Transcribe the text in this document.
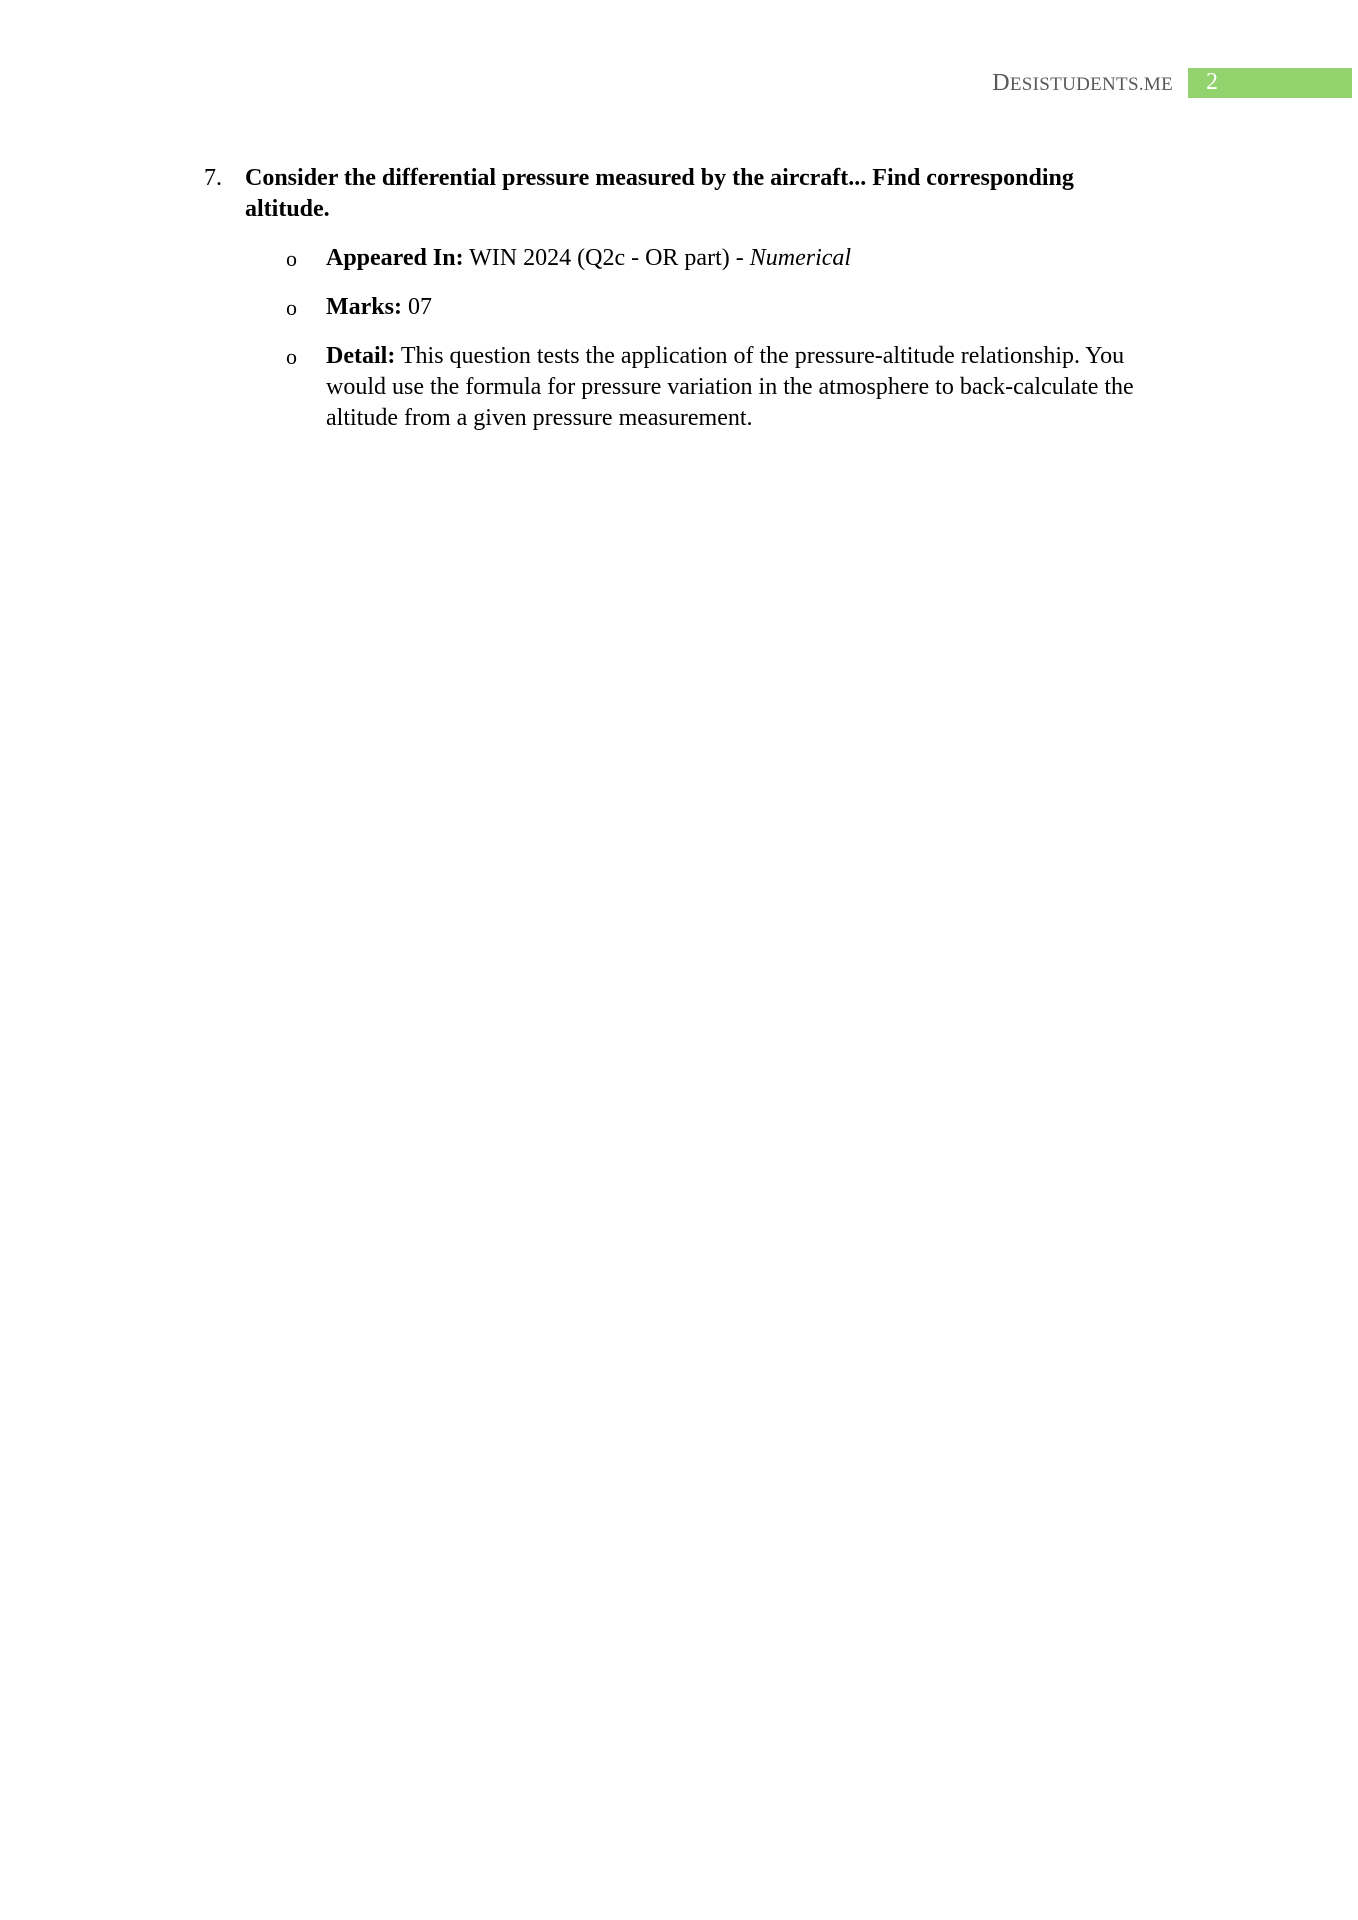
DESISTUDENTS.ME 2
7. Consider the differential pressure measured by the aircraft... Find corresponding altitude.
o Appeared In: WIN 2024 (Q2c - OR part) - Numerical
o Marks: 07
o Detail: This question tests the application of the pressure-altitude relationship. You would use the formula for pressure variation in the atmosphere to back-calculate the altitude from a given pressure measurement.
